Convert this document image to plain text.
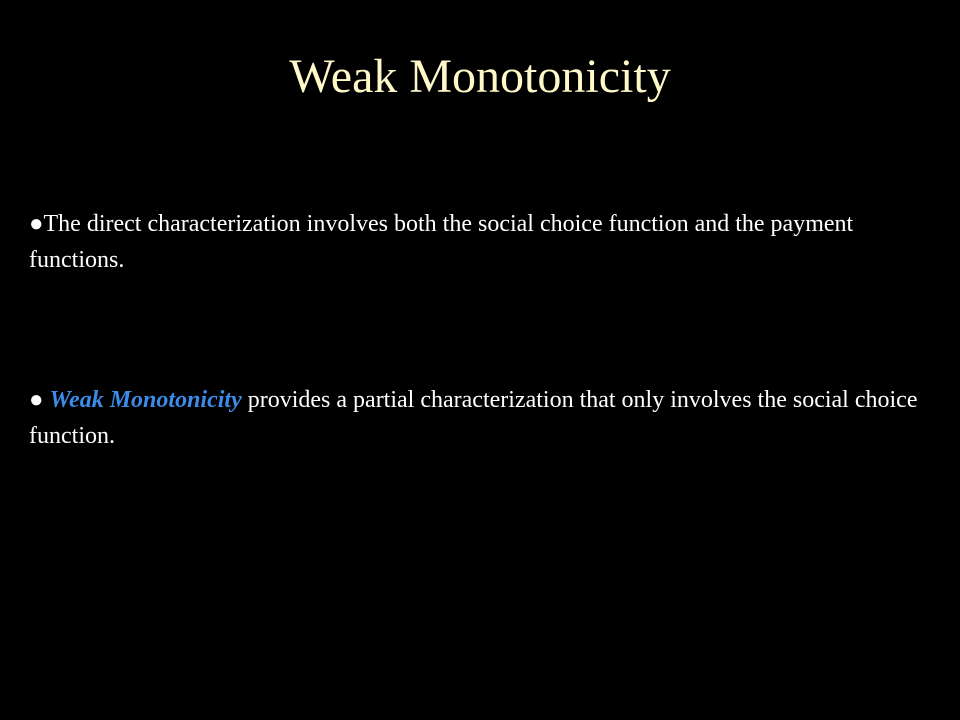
Weak Monotonicity

●The direct characterization involves both the social choice function and the payment functions.

● Weak Monotonicity provides a partial characterization that only involves the social choice function.
